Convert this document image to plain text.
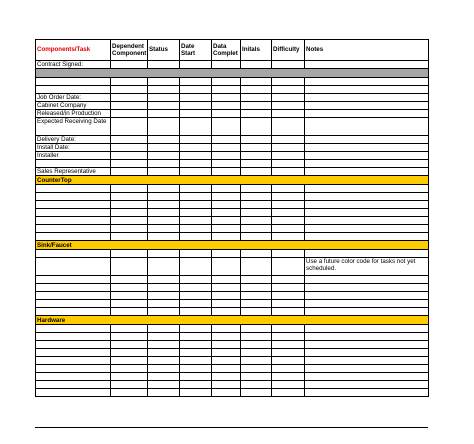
Components/Task	Dependent Component	Status	Date Start	Data Complet	Initals	Difficulty	Notes
Contract Signed:							

Job Order Date:							
Cabinet Company							
Released/in Production							
Expected Receiving Date							
Delivery Date:							
Install Date:							
Installer							

Sales Representative							
CounterTop							

Sink/Faucet							

							Use a future color code for tasks not yet scheduled.

Hardware							
